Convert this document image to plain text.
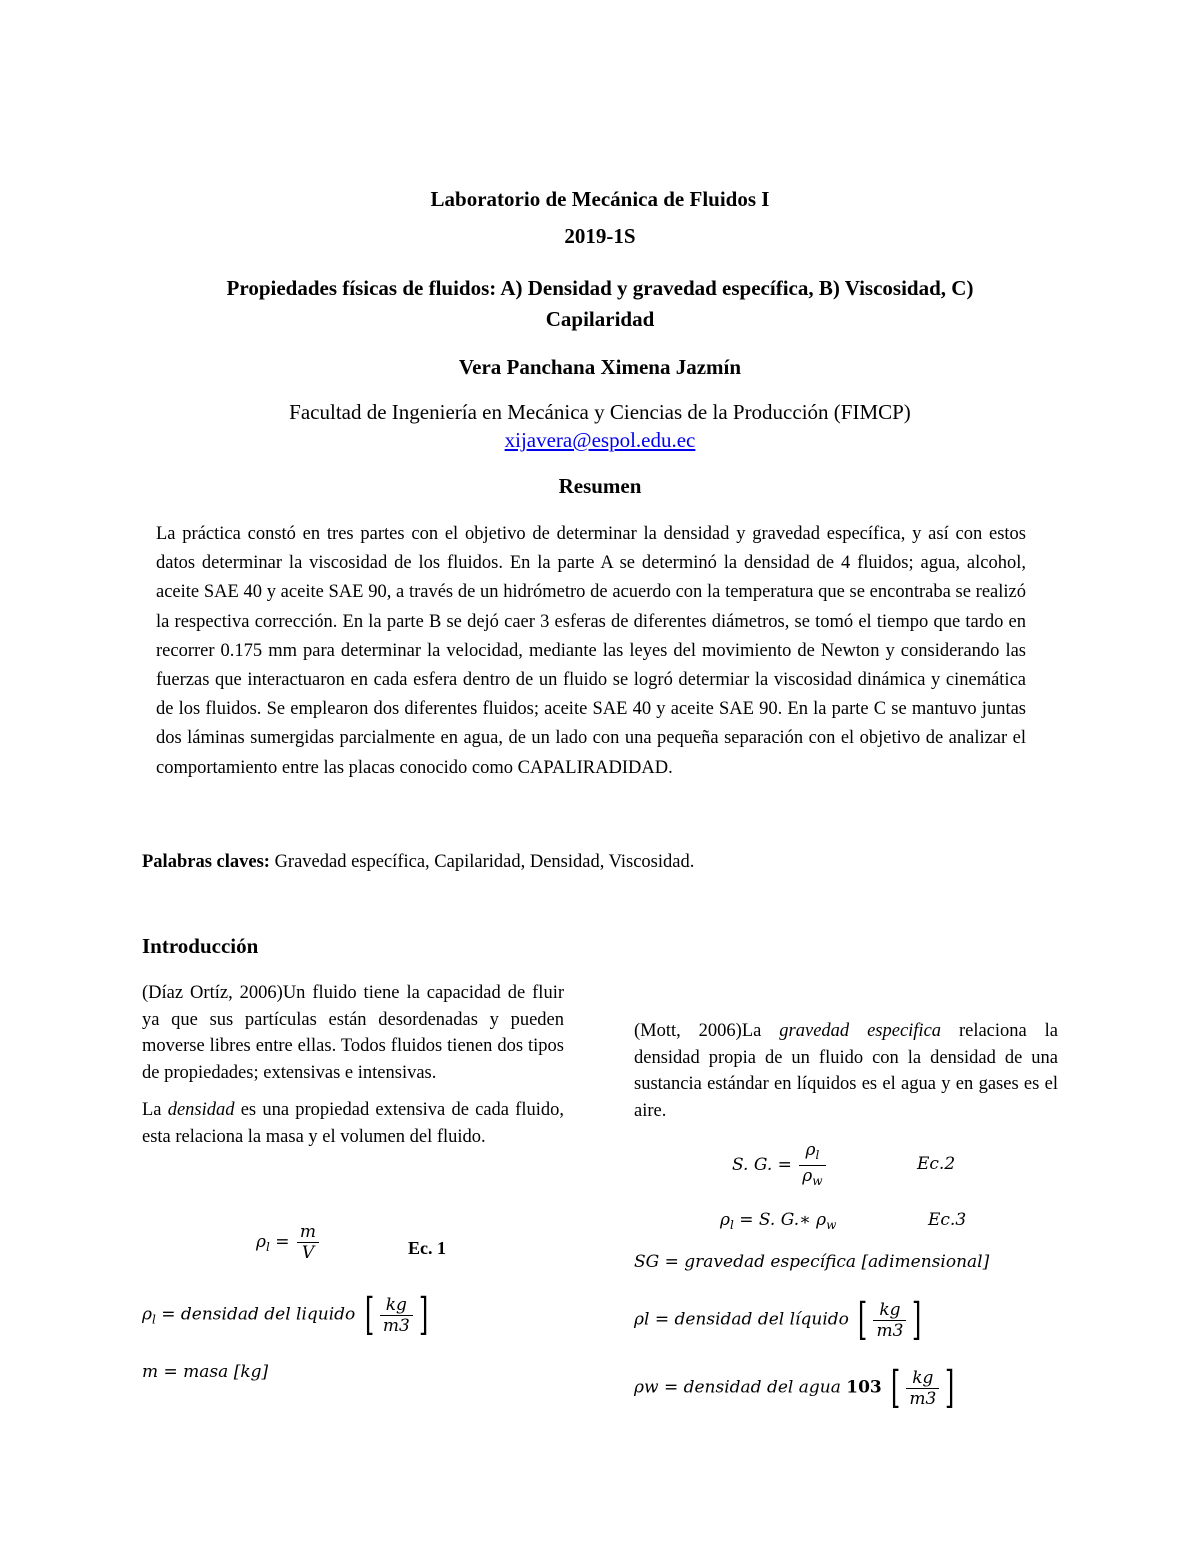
Laboratorio de Mecánica de Fluidos I
2019-1S
Propiedades físicas de fluidos: A) Densidad y gravedad específica, B) Viscosidad, C)
Capilaridad
Vera Panchana Ximena Jazmín
Facultad de Ingeniería en Mecánica y Ciencias de la Producción (FIMCP)
xijavera@espol.edu.ec
Resumen
La práctica constó en tres partes con el objetivo de determinar la densidad y gravedad específica, y así con estos datos determinar la viscosidad de los fluidos. En la parte A se determinó la densidad de 4 fluidos; agua, alcohol, aceite SAE 40 y aceite SAE 90, a través de un hidrómetro de acuerdo con la temperatura que se encontraba se realizó la respectiva corrección. En la parte B se dejó caer 3 esferas de diferentes diámetros, se tomó el tiempo que tardo en recorrer 0.175 mm para determinar la velocidad, mediante las leyes del movimiento de Newton y considerando las fuerzas que interactuaron en cada esfera dentro de un fluido se logró determiar la viscosidad dinámica y cinemática de los fluidos. Se emplearon dos diferentes fluidos; aceite SAE 40 y aceite SAE 90. En la parte C se mantuvo juntas dos láminas sumergidas parcialmente en agua, de un lado con una pequeña separación con el objetivo de analizar el comportamiento entre las placas conocido como CAPALIRADIDAD.
Palabras claves: Gravedad específica, Capilaridad, Densidad, Viscosidad.
Introducción

(Díaz Ortíz, 2006)Un fluido tiene la capacidad de fluir ya que sus partículas están desordenadas y pueden moverse libres entre ellas. Todos fluidos tienen dos tipos de propiedades; extensivas e intensivas.

La densidad es una propiedad extensiva de cada fluido, esta relaciona la masa y el volumen del fluido.

$\rho_l = \frac{m}{V}$	Ec. 1
$\rho_l$ = densidad del liquido [ $\frac{kg}{m3}$ ]
m = masa [kg]

(Mott, 2006)La gravedad especifica relaciona la densidad propia de un fluido con la densidad de una sustancia estándar en líquidos es el agua y en gases es el aire.

S. G. = $\frac{\rho_l}{\rho_w}$	Ec.2
$\rho_l = S$. G.∗ $\rho_w$	Ec.3
SG = gravedad específica [adimensional]
ρl = densidad del líquido [ $\frac{kg}{m3}$ ]
ρw = densidad del agua 103 [ $\frac{kg}{m3}$ ]
